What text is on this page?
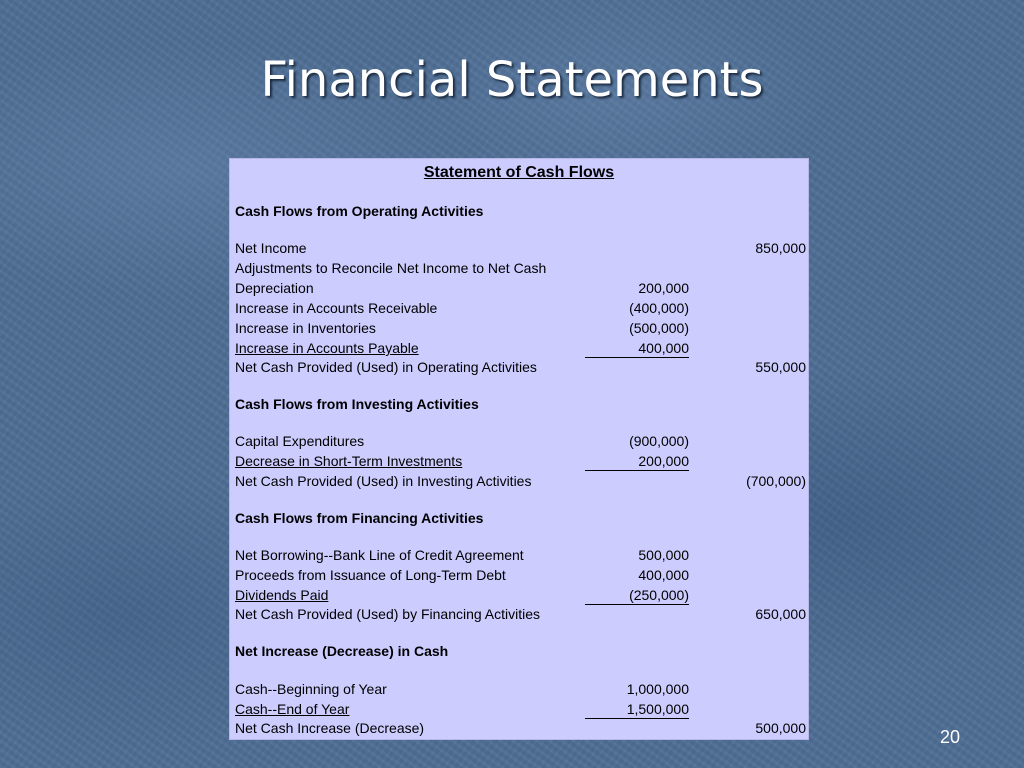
Financial Statements
Statement of Cash Flows
Cash Flows from Operating Activities
Net Income	850,000
Adjustments to Reconcile Net Income to Net Cash
Depreciation	200,000
Increase in Accounts Receivable	(400,000)
Increase in Inventories	(500,000)
Increase in Accounts Payable	400,000
Net Cash Provided (Used) in Operating Activities	550,000
Cash Flows from Investing Activities
Capital Expenditures	(900,000)
Decrease in Short-Term Investments	200,000
Net Cash Provided (Used) in Investing Activities	(700,000)
Cash Flows from Financing Activities
Net Borrowing--Bank Line of Credit Agreement	500,000
Proceeds from Issuance of Long-Term Debt	400,000
Dividends Paid	(250,000)
Net Cash Provided (Used) by Financing Activities	650,000
Net Increase (Decrease) in Cash
Cash--Beginning of Year	1,000,000
Cash--End of Year	1,500,000
Net Cash Increase (Decrease)	500,000	20
